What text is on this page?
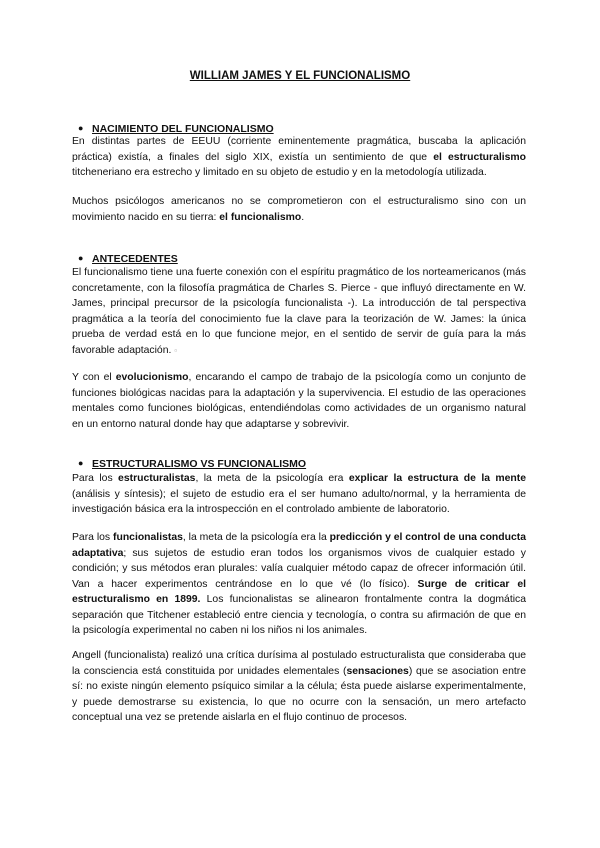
WILLIAM JAMES Y EL FUNCIONALISMO
● NACIMIENTO DEL FUNCIONALISMO

En distintas partes de EEUU (corriente eminentemente pragmática, buscaba la aplicación práctica) existía, a finales del siglo XIX, existía un sentimiento de que el estructuralismo titcheneriano era estrecho y limitado en su objeto de estudio y en la metodología utilizada.

Muchos psicólogos americanos no se comprometieron con el estructuralismo sino con un movimiento nacido en su tierra: el funcionalismo.

● ANTECEDENTES

El funcionalismo tiene una fuerte conexión con el espíritu pragmático de los norteamericanos (más concretamente, con la filosofía pragmática de Charles S. Pierce - que influyó directamente en W. James, principal precursor de la psicología funcionalista -). La introducción de tal perspectiva pragmática a la teoría del conocimiento fue la clave para la teorización de W. James: la única prueba de verdad está en lo que funcione mejor, en el sentido de servir de guía para la más favorable adaptación. ▫

Y con el evolucionismo, encarando el campo de trabajo de la psicología como un conjunto de funciones biológicas nacidas para la adaptación y la supervivencia. El estudio de las operaciones mentales como funciones biológicas, entendiéndolas como actividades de un organismo natural en un entorno natural donde hay que adaptarse y sobrevivir.

● ESTRUCTURALISMO VS FUNCIONALISMO

Para los estructuralistas, la meta de la psicología era explicar la estructura de la mente (análisis y síntesis); el sujeto de estudio era el ser humano adulto/normal, y la herramienta de investigación básica era la introspección en el controlado ambiente de laboratorio.

Para los funcionalistas, la meta de la psicología era la predicción y el control de una conducta adaptativa; sus sujetos de estudio eran todos los organismos vivos de cualquier estado y condición; y sus métodos eran plurales: valía cualquier método capaz de ofrecer información útil. Van a hacer experimentos centrándose en lo que vé (lo físico). Surge de criticar el estructuralismo en 1899. Los funcionalistas se alinearon frontalmente contra la dogmática separación que Titchener estableció entre ciencia y tecnología, o contra su afirmación de que en la psicología experimental no caben ni los niños ni los animales.

Angell (funcionalista) realizó una crítica durísima al postulado estructuralista que consideraba que la consciencia está constituida por unidades elementales (sensaciones) que se asociation entre sí: no existe ningún elemento psíquico similar a la célula; ésta puede aislarse experimentalmente, y puede demostrarse su existencia, lo que no ocurre con la sensación, un mero artefacto conceptual una vez se pretende aislarla en el flujo continuo de procesos.
